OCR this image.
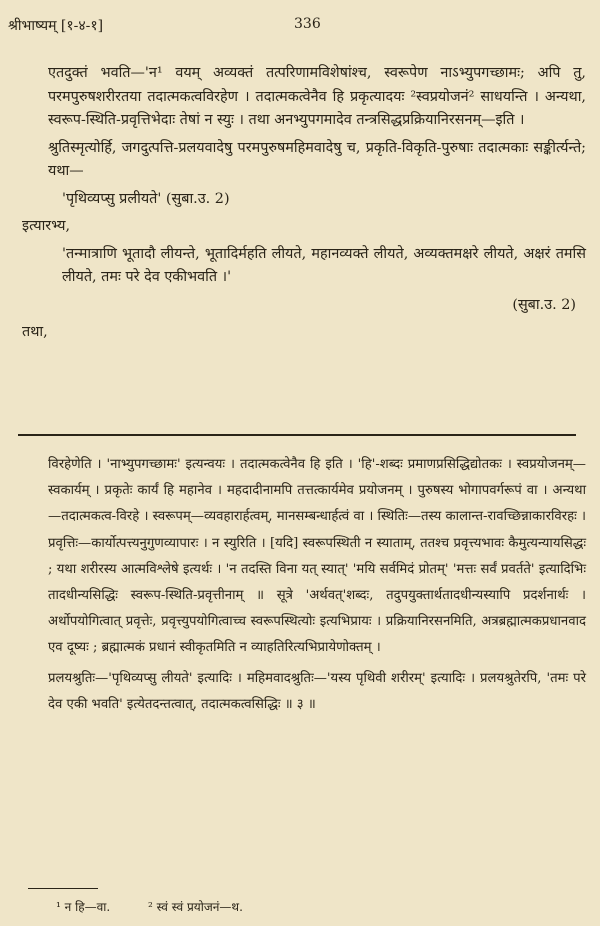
श्रीभाष्यम् [१-४-१]	336

एतदुक्तं भवति—'न¹ वयम् अव्यक्तं तत्परिणामविशेषांश्च, स्वरूपेण नाऽभ्युपगच्छामः; अपि तु, परमपुरुषशरीरतया तदात्मकत्वविरहेण । तदात्मकत्वेनैव हि प्रकृत्यादयः ²स्वप्रयोजनं² साधयन्ति । अन्यथा, स्वरूप-स्थिति-प्रवृत्तिभेदाः तेषां न स्युः । तथा अनभ्युपगमादेव तन्त्रसिद्धप्रक्रियानिरसनम्—इति ।

श्रुतिस्मृत्योर्हि, जगदुत्पत्ति-प्रलयवादेषु परमपुरुषमहिमवादेषु च, प्रकृति-विकृति-पुरुषाः तदात्मकाः सङ्कीर्त्यन्ते; यथा—

'पृथिव्यप्सु प्रलीयते' (सुबा.उ. 2)

इत्यारभ्य,

'तन्मात्राणि भूतादौ लीयन्ते, भूतादिर्महति लीयते, महानव्यक्ते लीयते, अव्यक्तमक्षरे लीयते, अक्षरं तमसि लीयते, तमः परे देव एकीभवति ।'

(सुबा.उ. 2)

तथा,

विरहेणेति । 'नाभ्युपगच्छामः' इत्यन्वयः । तदात्मकत्वेनैव हि इति । 'हि'-शब्दः प्रमाणप्रसिद्धिद्योतकः । स्वप्रयोजनम्—स्वकार्यम् । प्रकृतेः कार्यं हि महानेव । महदादीनामपि तत्तत्कार्यमेव प्रयोजनम् । पुरुषस्य भोगापवर्गरूपं वा । अन्यथा—तदात्मकत्व-विरहे । स्वरूपम्—व्यवहारार्हत्वम्, मानसम्बन्धार्हत्वं वा । स्थितिः—तस्य कालान्त-रावच्छिन्नाकारविरहः । प्रवृत्तिः—कार्योत्पत्त्यनुगुणव्यापारः । न स्युरिति । [यदि] स्वरूपस्थिती न स्याताम्, ततश्च प्रवृत्त्यभावः कैमुत्यन्यायसिद्धः ; यथा शरीरस्य आत्मविश्लेषे इत्यर्थः । 'न तदस्ति विना यत् स्यात्' 'मयि सर्वमिदं प्रोतम्' 'मत्तः सर्वं प्रवर्तते' इत्यादिभिः तादधीन्यसिद्धिः स्वरूप-स्थिति-प्रवृत्तीनाम् ॥ सूत्रे 'अर्थवत्'शब्दः, तदुपयुक्तार्थतादधीन्यस्यापि प्रदर्शनार्थः । अर्थोपयोगित्वात् प्रवृत्तेः, प्रवृत्त्युपयोगित्वाच्च स्वरूपस्थित्योः इत्यभिप्रायः । प्रक्रियानिरसनमिति, अत्रब्रह्मात्मकप्रधानवाद एव दूष्यः ; ब्रह्मात्मकं प्रधानं स्वीकृतमिति न व्याहतिरित्यभिप्रायेणोक्तम् ।

प्रलयश्रुतिः—'पृथिव्यप्सु लीयते' इत्यादिः । महिमवादश्रुतिः—'यस्य पृथिवी शरीरम्' इत्यादिः । प्रलयश्रुतेरपि, 'तमः परे देव एकी भवति' इत्येतदन्तत्वात्, तदात्मकत्वसिद्धिः ॥ ३ ॥

¹ न हि—वा.	² स्वं स्वं प्रयोजनं—थ.
